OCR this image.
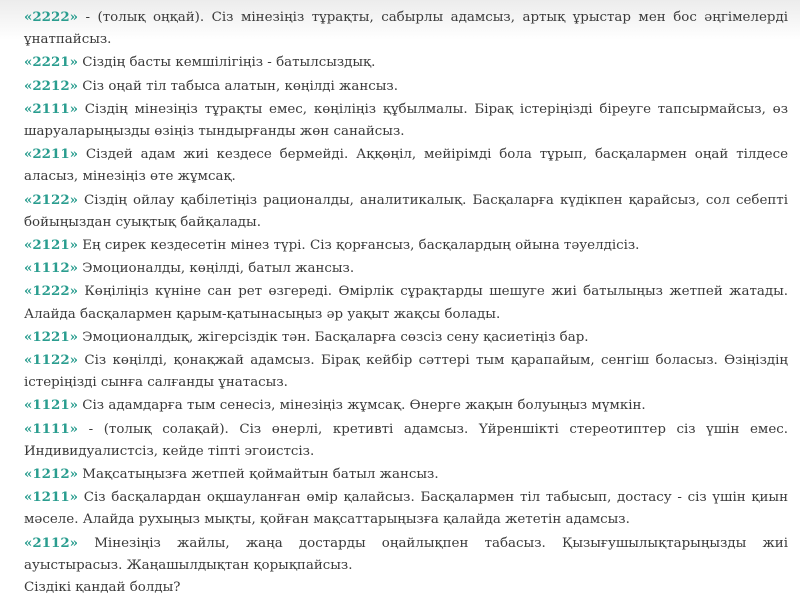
«2222» - (толық оңқай). Сіз мінезіңіз тұрақты, сабырлы адамсыз, артық ұрыстар мен бос әңгімелерді ұнатпайсыз.

«2221» Сіздің басты кемшілігіңіз - батылсыздық.

«2212» Сіз оңай тіл табыса алатын, көңілді жансыз.

«2111» Сіздің мінезіңіз тұрақты емес, көңіліңіз құбылмалы. Бірақ істеріңізді біреуге тапсырмайсыз, өз шаруаларыңызды өзіңіз тындырғанды жөн санайсыз.

«2211» Сіздей адам жиі кездесе бермейді. Аққөңіл, мейірімді бола тұрып, басқалармен оңай тілдесе аласыз, мінезіңіз өте жұмсақ.

«2122» Сіздің ойлау қабілетіңіз рационалды, аналитикалық. Басқаларға күдікпен қарайсыз, сол себепті бойыңыздан суықтық байқалады.

«2121» Ең сирек кездесетін мінез түрі. Сіз қорғансыз, басқалардың ойына тәуелдісіз.

«1112» Эмоционалды, көңілді, батыл жансыз.

«1222» Көңіліңіз күніне сан рет өзгереді. Өмірлік сұрақтарды шешуге жиі батылыңыз жетпей жатады. Алайда басқалармен қарым-қатынасыңыз әр уақыт жақсы болады.

«1221» Эмоционалдық, жігерсіздік тән. Басқаларға сөзсіз сену қасиетіңіз бар.

«1122» Сіз көңілді, қонақжай адамсыз. Бірақ кейбір сәттері тым қарапайым, сенгіш боласыз. Өзіңіздің істеріңізді сынға салғанды ұнатасыз.

«1121» Сіз адамдарға тым сенесіз, мінезіңіз жұмсақ. Өнерге жақын болуыңыз мүмкін.

«1111» - (толық солақай). Сіз өнерлі, кретивті адамсыз. Үйреншікті стереотиптер сіз үшін емес. Индивидуалистсіз, кейде тіпті эгоистсіз.

«1212» Мақсатыңызға жетпей қоймайтын батыл жансыз.

«1211» Сіз басқалардан оқшауланған өмір қалайсыз. Басқалармен тіл табысып, достасу - сіз үшін қиын мәселе. Алайда рухыңыз мықты, қойған мақсаттарыңызға қалайда жететін адамсыз.

«2112» Мінезіңіз жайлы, жаңа достарды оңайлықпен табасыз. Қызығушылықтарыңызды жиі ауыстырасыз. Жаңашылдықтан қорықпайсыз.

Сіздікі қандай болды?
